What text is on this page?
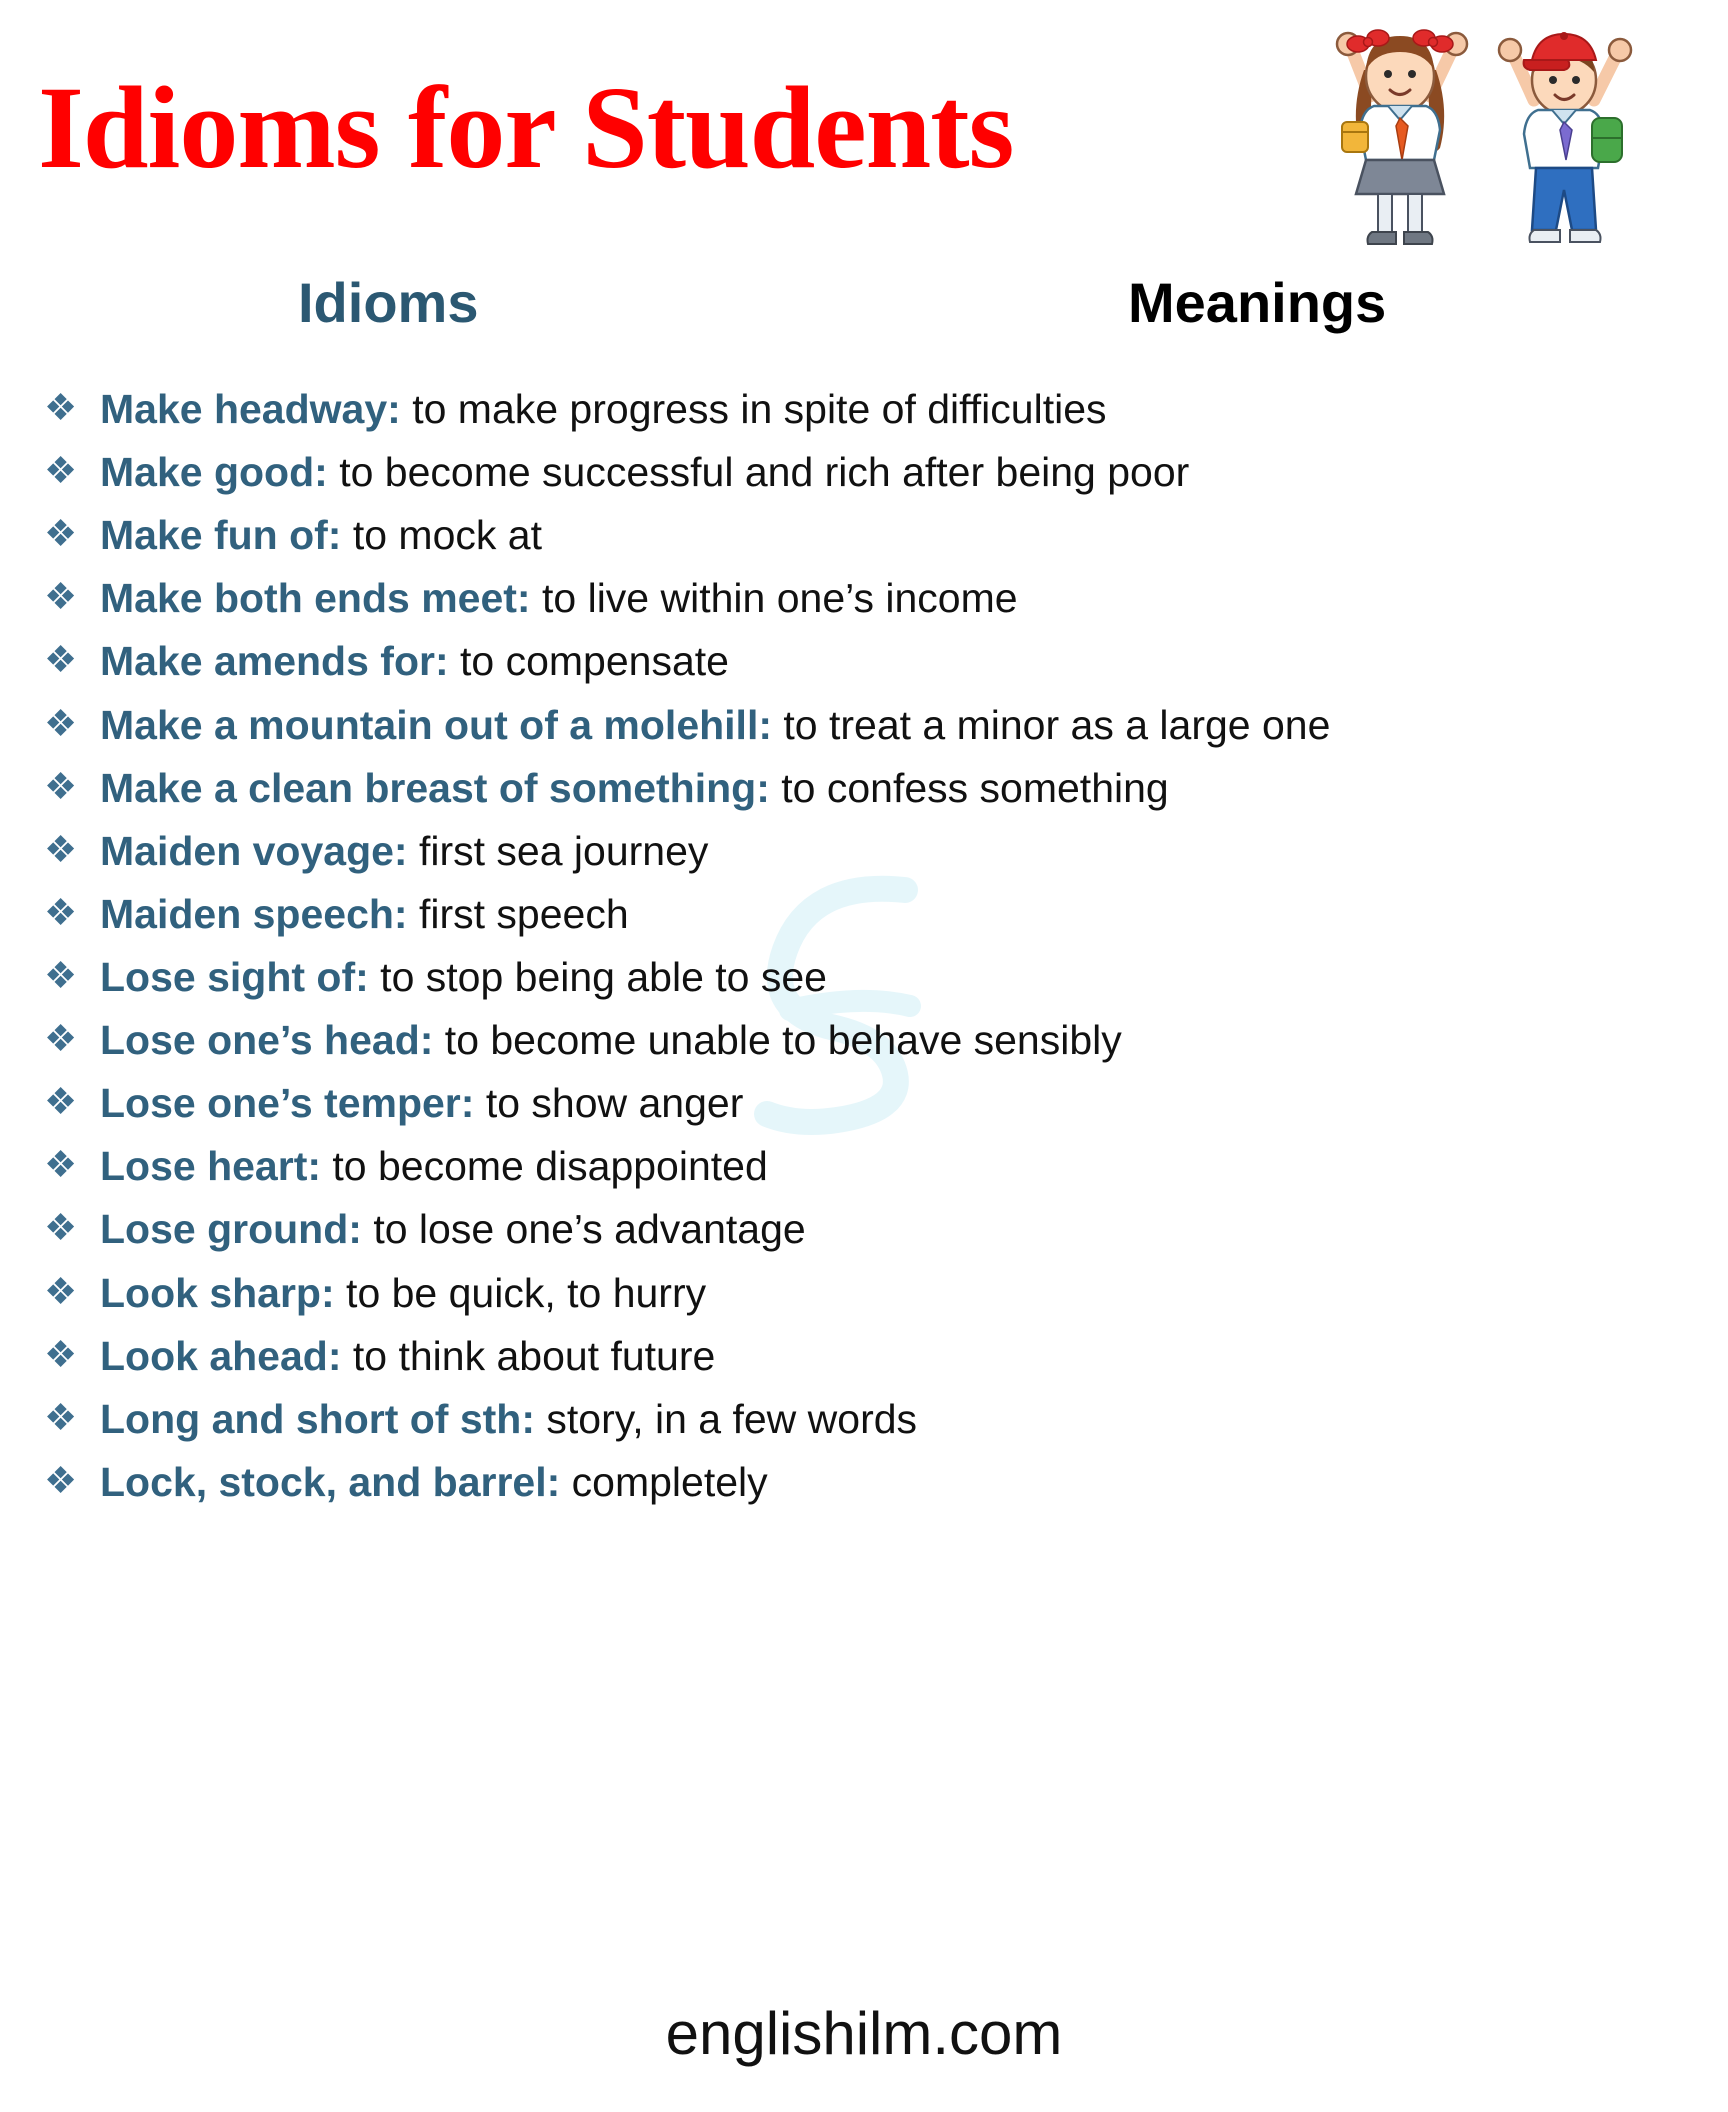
Idioms for Students
Idioms	Meanings
❖ Make headway: to make progress in spite of difficulties
❖ Make good: to become successful and rich after being poor
❖ Make fun of: to mock at
❖ Make both ends meet: to live within one’s income
❖ Make amends for: to compensate
❖ Make a mountain out of a molehill: to treat a minor as a large one
❖ Make a clean breast of something: to confess something
❖ Maiden voyage: first sea journey
❖ Maiden speech: first speech
❖ Lose sight of: to stop being able to see
❖ Lose one’s head: to become unable to behave sensibly
❖ Lose one’s temper: to show anger
❖ Lose heart: to become disappointed
❖ Lose ground: to lose one’s advantage
❖ Look sharp: to be quick, to hurry
❖ Look ahead: to think about future
❖ Long and short of sth: story, in a few words
❖ Lock, stock, and barrel: completely
englishilm.com
